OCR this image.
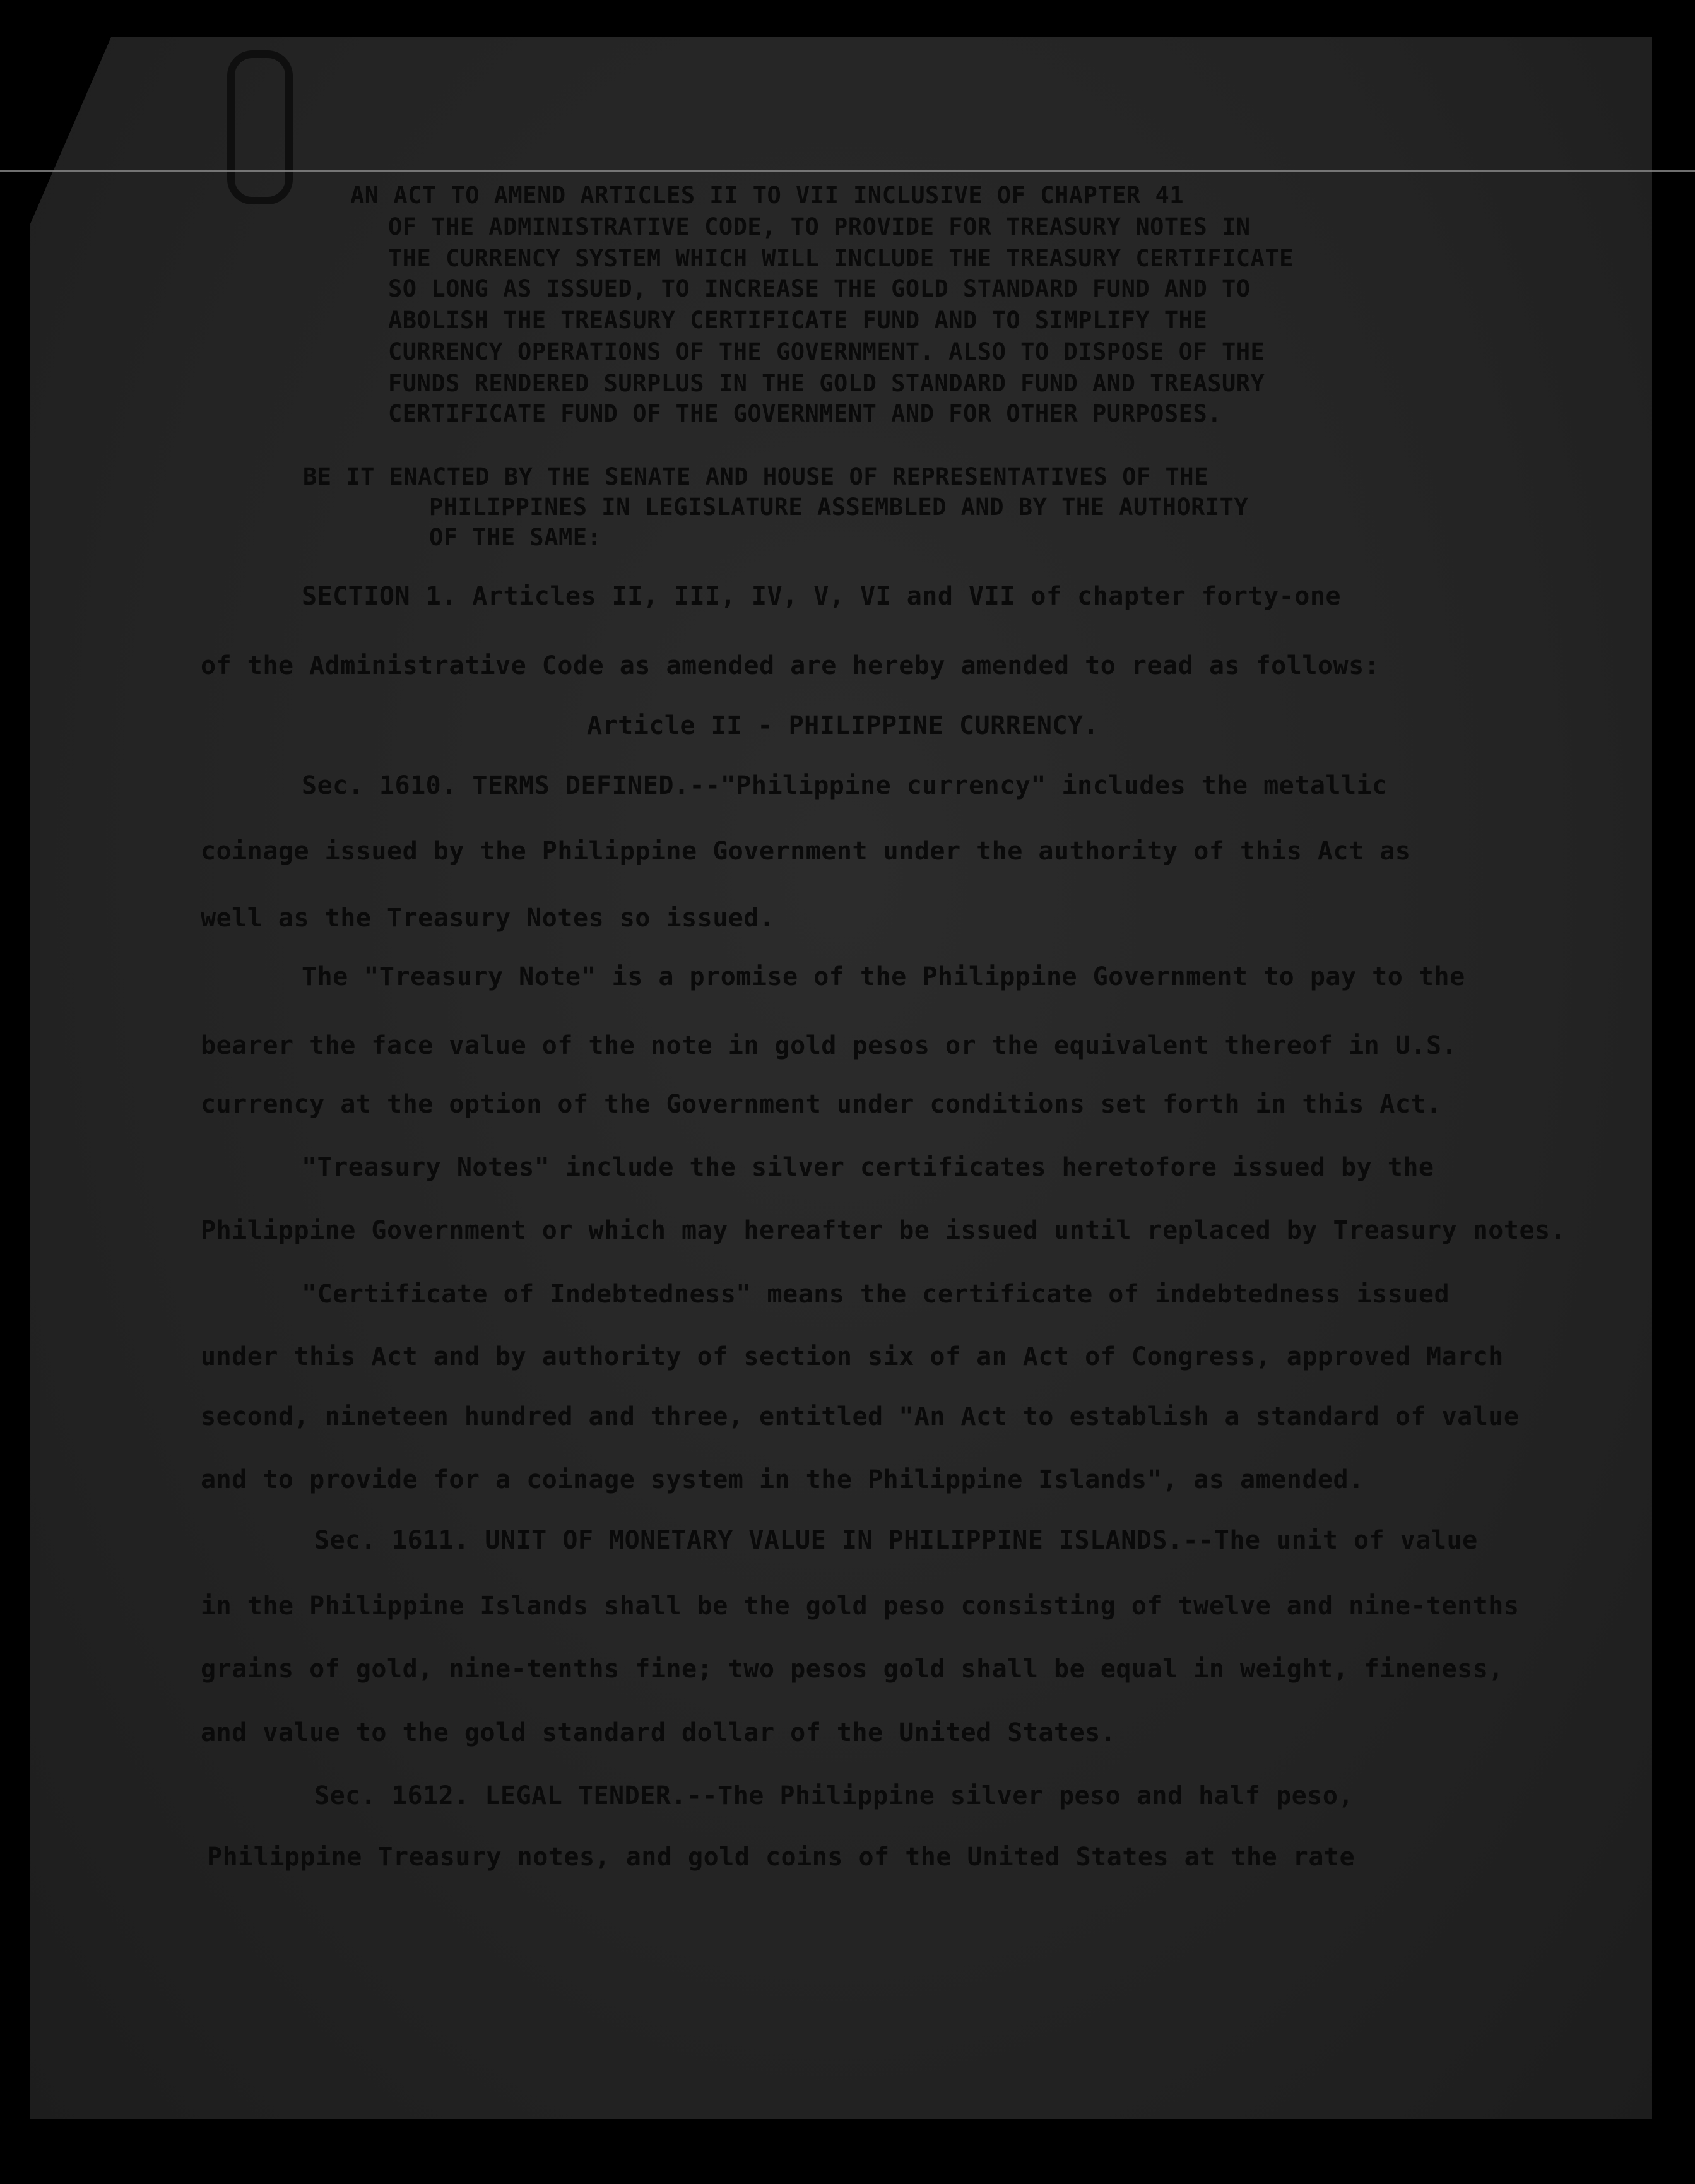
AN ACT TO AMEND ARTICLES II TO VII INCLUSIVE OF CHAPTER 41
OF THE ADMINISTRATIVE CODE, TO PROVIDE FOR TREASURY NOTES IN
THE CURRENCY SYSTEM WHICH WILL INCLUDE THE TREASURY CERTIFICATE
SO LONG AS ISSUED, TO INCREASE THE GOLD STANDARD FUND AND TO
ABOLISH THE TREASURY CERTIFICATE FUND AND TO SIMPLIFY THE
CURRENCY OPERATIONS OF THE GOVERNMENT. ALSO TO DISPOSE OF THE
FUNDS RENDERED SURPLUS IN THE GOLD STANDARD FUND AND TREASURY
CERTIFICATE FUND OF THE GOVERNMENT AND FOR OTHER PURPOSES.
BE IT ENACTED BY THE SENATE AND HOUSE OF REPRESENTATIVES OF THE
PHILIPPINES IN LEGISLATURE ASSEMBLED AND BY THE AUTHORITY
OF THE SAME:
SECTION 1. Articles II, III, IV, V, VI and VII of chapter forty-one
of the Administrative Code as amended are hereby amended to read as follows:
Article II - PHILIPPINE CURRENCY.
Sec. 1610. TERMS DEFINED.--"Philippine currency" includes the metallic
coinage issued by the Philippine Government under the authority of this Act as
well as the Treasury Notes so issued.
The "Treasury Note" is a promise of the Philippine Government to pay to the
bearer the face value of the note in gold pesos or the equivalent thereof in U.S.
currency at the option of the Government under conditions set forth in this Act.
"Treasury Notes" include the silver certificates heretofore issued by the
Philippine Government or which may hereafter be issued until replaced by Treasury notes.
"Certificate of Indebtedness" means the certificate of indebtedness issued
under this Act and by authority of section six of an Act of Congress, approved March
second, nineteen hundred and three, entitled "An Act to establish a standard of value
and to provide for a coinage system in the Philippine Islands", as amended.
Sec. 1611. UNIT OF MONETARY VALUE IN PHILIPPINE ISLANDS.--The unit of value
in the Philippine Islands shall be the gold peso consisting of twelve and nine-tenths
grains of gold, nine-tenths fine; two pesos gold shall be equal in weight, fineness,
and value to the gold standard dollar of the United States.
Sec. 1612. LEGAL TENDER.--The Philippine silver peso and half peso,
Philippine Treasury notes, and gold coins of the United States at the rate
